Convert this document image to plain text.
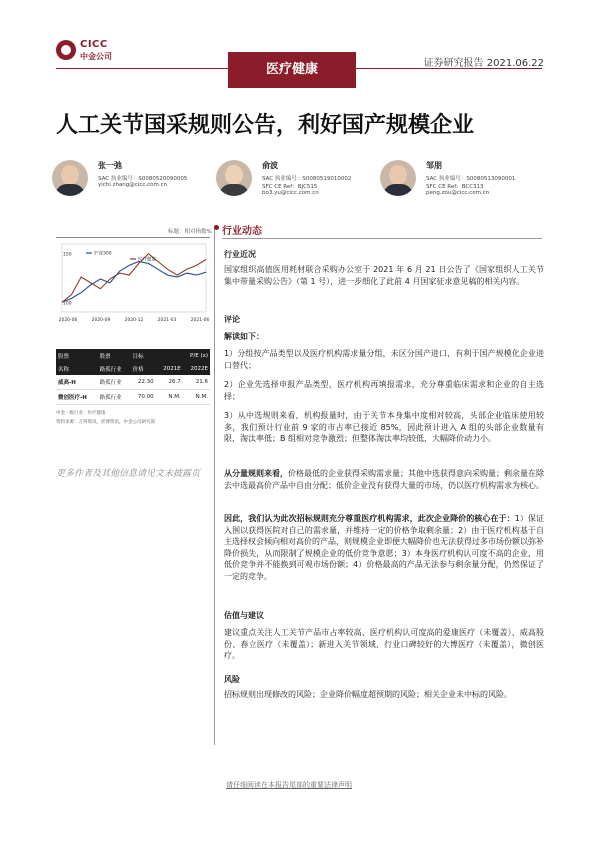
CICC
中金公司
医疗健康	证券研究报告 2021.06.22
人工关节国采规则公告，利好国产规模企业
张一弛
SAC 执业编号：S0080520090005
yichi.zhang@cicc.com.cn
俞波
SAC 执业编号：S0080519010002
SFC CE Ref：BJC515
bo3.yu@cicc.com.cn
邹朋
SAC 执业编号：S0080513090001
SFC CE Ref：BCC313
peng.zou@cicc.com.cn
标题：相对指数%
150
100
2020-06	2020-09	2020-12	2021-03	2021-06
沪深300
医疗健康
股票	股票	目标	P/E (x)	
名称	路孤行业	价格	2021E	2022E
威高-H	路孤行业	22.30	26.7	21.6
微创医疗-H	路孤行业	70.00	N.M.	N.M.
中金一级行业：医疗健康
资料来源：万得资讯，彭博资讯，中金公司研究部
更多作者及其他信息请见文末披露页
行业动态
行业近况
国家组织高值医用耗材联合采购办公室于 2021 年 6 月 21 日公告了《国家组织人工关节集中带量采购公告》（第 1 号），进一步细化了此前 4 月国家征求意见稿的相关内容。
评论
解读如下：
1）分组按产品类型以及医疗机构需求量分组，未区分国产进口，有利于国产规模化企业进口替代；
2）企业先选择申报产品类型，医疗机构再填报需求，充分尊重临床需求和企业的自主选择；
3）从中选规则来看，机构报量时，由于关节本身集中度相对较高，头部企业临床使用较多，我们预计行业前 9 家的市占率已接近 85%，因此预计进入 A 组的头部企业数量有限，淘汰率低；B 组相对竞争激烈；但整体淘汰率均较低，大幅降价动力小。
从分量规则来看，价格最低的企业获得采购需求量；其他中选获得意向采购量；剩余量在除去中选最高价产品中自由分配；低价企业没有获得大量的市场，仍以医疗机构需求为核心。
因此，我们认为此次招标规则充分尊重医疗机构需求，此次企业降价的核心在于：1）保证入围以获得医院对自己的需求量，并维持一定的价格争取剩余量；2）由于医疗机构基于自主选择权会倾向相对高价的产品，则规模企业即便大幅降价也无法获得过多市场份额以弥补降价损失，从而限制了规模企业的低价竞争意愿；3）本身医疗机构认可度不高的企业，用低价竞争并不能换到可观市场份额；4）价格最高的产品无法参与剩余量分配，仍然保证了一定的竞争。
估值与建议
建议重点关注人工关节产品市占率较高、医疗机构认可度高的爱康医疗（未覆盖）、威高股份、春立医疗（未覆盖）；新进入关节领域、行业口碑较好的大博医疗（未覆盖），微创医疗。
风险
招标规则出现修改的风险；企业降价幅度超预期的风险；相关企业未中标的风险。
请仔细阅读在本报告尾部的重要法律声明
